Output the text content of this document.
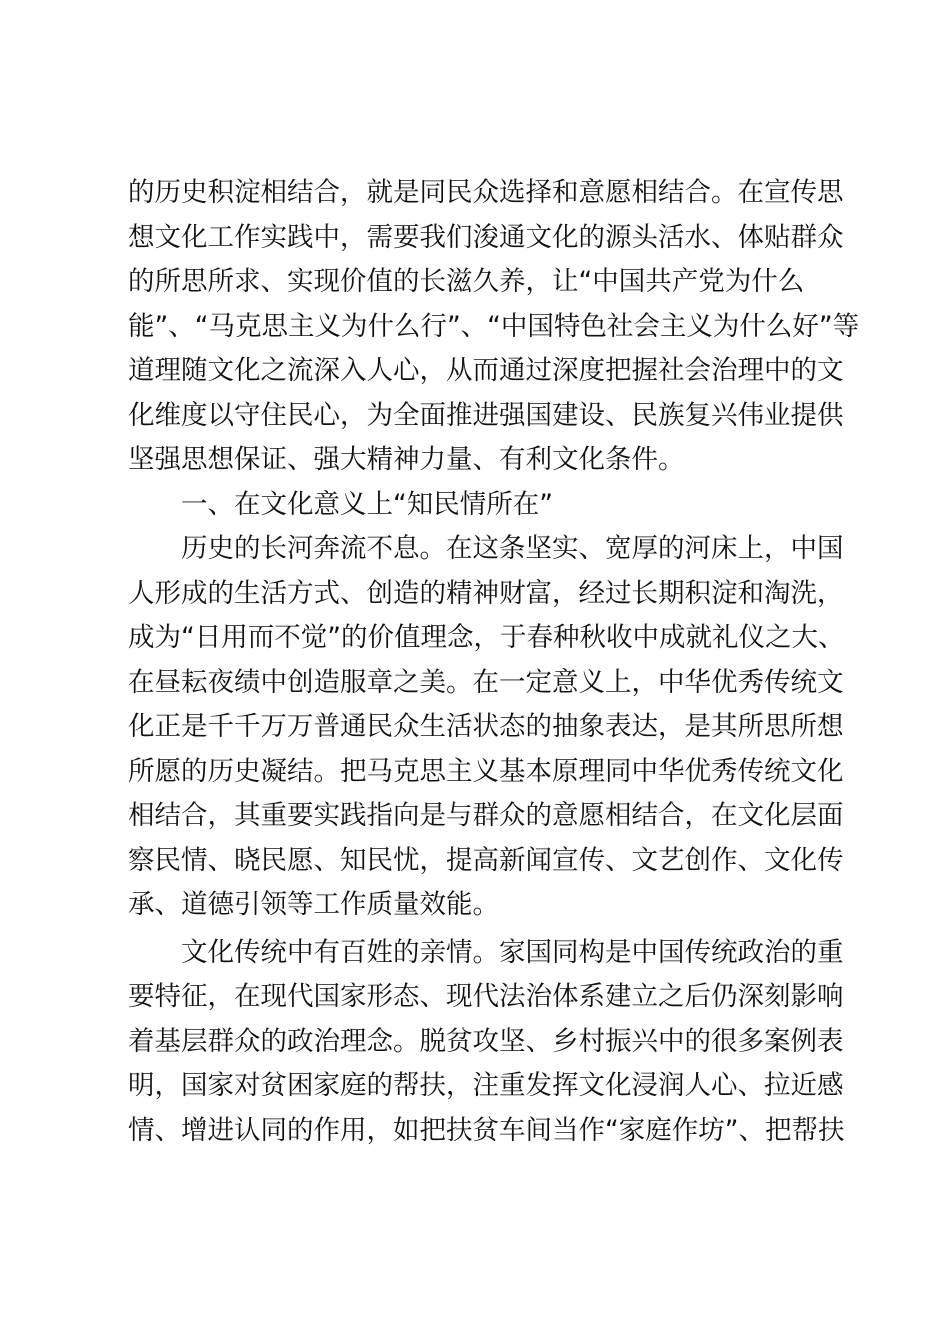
的历史积淀相结合，就是同民众选择和意愿相结合。在宣传思
想文化工作实践中，需要我们浚通文化的源头活水、体贴群众
的所思所求、实现价值的长滋久养，让“中国共产党为什么
能”、“马克思主义为什么行”、“中国特色社会主义为什么好”等
道理随文化之流深入人心，从而通过深度把握社会治理中的文
化维度以守住民心，为全面推进强国建设、民族复兴伟业提供
坚强思想保证、强大精神力量、有利文化条件。
一、在文化意义上“知民情所在”
历史的长河奔流不息。在这条坚实、宽厚的河床上，中国
人形成的生活方式、创造的精神财富，经过长期积淀和淘洗，
成为“日用而不觉”的价值理念，于春种秋收中成就礼仪之大、
在昼耘夜绩中创造服章之美。在一定意义上，中华优秀传统文
化正是千千万万普通民众生活状态的抽象表达，是其所思所想
所愿的历史凝结。把马克思主义基本原理同中华优秀传统文化
相结合，其重要实践指向是与群众的意愿相结合，在文化层面
察民情、晓民愿、知民忧，提高新闻宣传、文艺创作、文化传
承、道德引领等工作质量效能。
文化传统中有百姓的亲情。家国同构是中国传统政治的重
要特征，在现代国家形态、现代法治体系建立之后仍深刻影响
着基层群众的政治理念。脱贫攻坚、乡村振兴中的很多案例表
明，国家对贫困家庭的帮扶，注重发挥文化浸润人心、拉近感
情、增进认同的作用，如把扶贫车间当作“家庭作坊”、把帮扶
